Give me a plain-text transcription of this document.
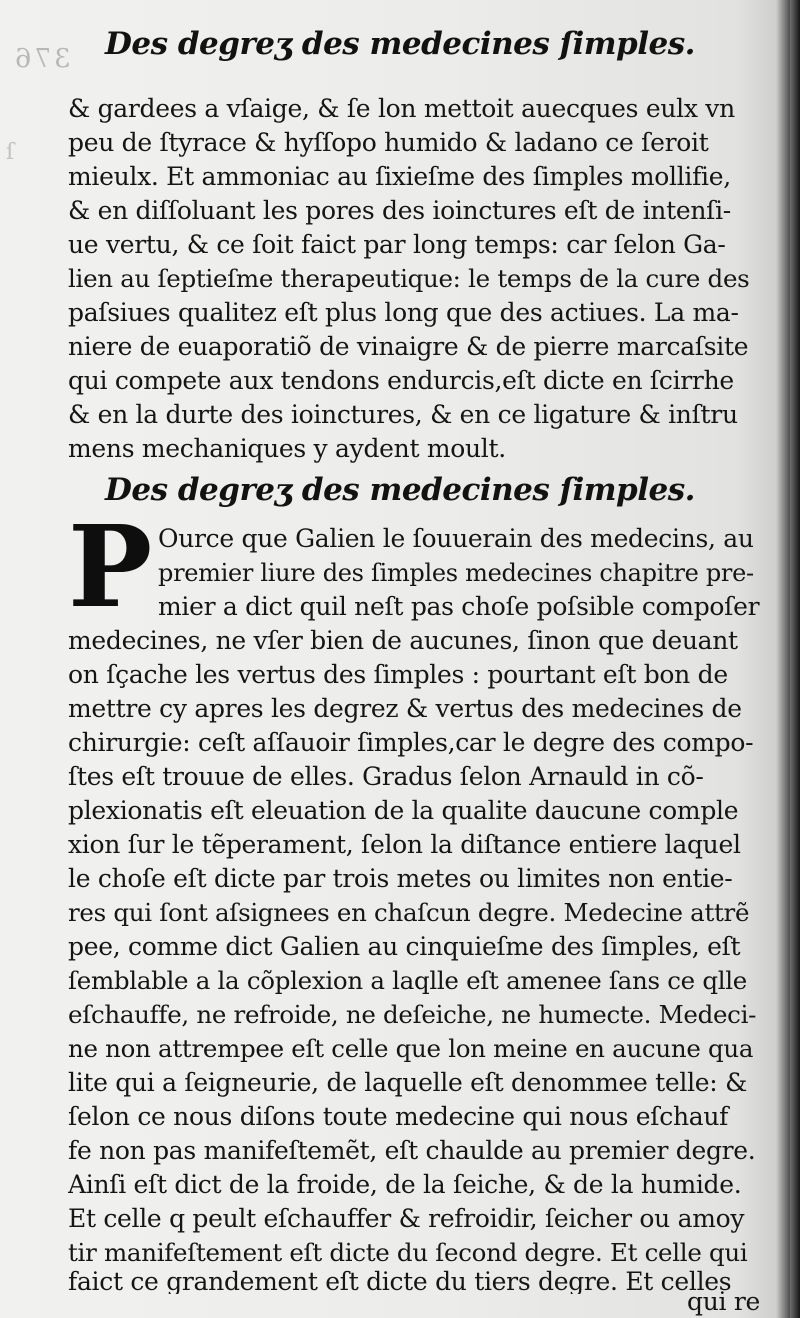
376
ſ
Des degreʒ des medecines ſimples.
& gardees a vſaige, & ſe lon mettoit auecques eulx vn
peu de ſtyrace & hyſſopo humido & ladano ce ſeroit
mieulx. Et ammoniac au ſixieſme des ſimples mollifie,
& en diſſoluant les pores des ioinctures eſt de intenſi-
ue vertu, & ce ſoit faict par long temps: car ſelon Ga-
lien au ſeptieſme therapeutique: le temps de la cure des
paſsiues qualitez eſt plus long que des actiues. La ma-
niere de euaporatiõ de vinaigre & de pierre marcaſsite
qui compete aux tendons endurcis,eſt dicte en ſcirrhe
& en la durte des ioinctures, & en ce ligature & inſtru
mens mechaniques y aydent moult.
Des degreʒ des medecines ſimples.
P Ource que Galien le ſouuerain des medecins, au
premier liure des ſimples medecines chapitre pre-
mier a dict quil neſt pas choſe poſsible compoſer
medecines, ne vſer bien de aucunes, ſinon que deuant
on ſçache les vertus des ſimples : pourtant eſt bon de
mettre cy apres les degrez & vertus des medecines de
chirurgie: ceſt aſſauoir ſimples,car le degre des compo-
ſtes eſt trouue de elles. Gradus ſelon Arnauld in cõ-
plexionatis eſt eleuation de la qualite daucune comple
xion ſur le tẽperament, ſelon la diſtance entiere laquel
le choſe eſt dicte par trois metes ou limites non entie-
res qui ſont aſsignees en chaſcun degre. Medecine attrẽ
pee, comme dict Galien au cinquieſme des ſimples, eſt
ſemblable a la cõplexion a laqlle eſt amenee ſans ce qlle
eſchauffe, ne refroide, ne deſeiche, ne humecte. Medeci-
ne non attrempee eſt celle que lon meine en aucune qua
lite qui a ſeigneurie, de laquelle eſt denommee telle: &
ſelon ce nous diſons toute medecine qui nous eſchauf
fe non pas manifeſtemẽt, eſt chaulde au premier degre.
Ainſi eſt dict de la froide, de la ſeiche, & de la humide.
Et celle q peult eſchauffer & refroidir, ſeicher ou amoy
tir manifeſtement eſt dicte du ſecond degre. Et celle qui
faict ce grandement eſt dicte du tiers degre. Et celles
qui re
